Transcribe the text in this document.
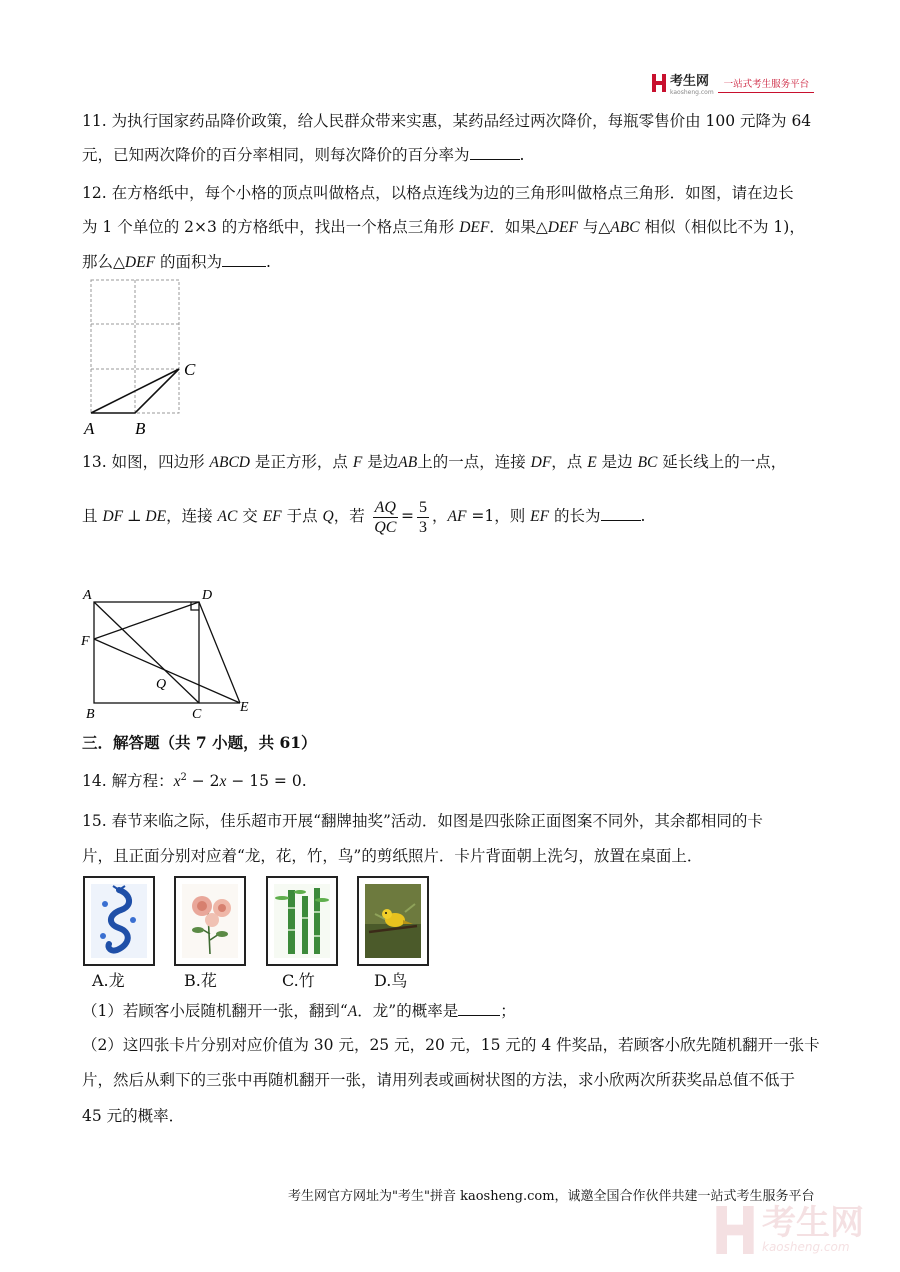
考生网
kaosheng.com
一站式考生服务平台
11. 为执行国家药品降价政策，给人民群众带来实惠，某药品经过两次降价，每瓶零售价由 100 元降为 64
元，已知两次降价的百分率相同，则每次降价的百分率为	.
12. 在方格纸中，每个小格的顶点叫做格点，以格点连线为边的三角形叫做格点三角形．如图，请在边长
为 1 个单位的 2×3 的方格纸中，找出一个格点三角形 DEF．如果△DEF 与△ABC 相似（相似比不为 1)，
那么△DEF 的面积为	.
A B
C
13. 如图，四边形 ABCD 是正方形，点 F 是边AB上的一点，连接 DF，点 E 是边 BC 延长线上的一点，
且 DF ⊥ DE，连接 AC 交 EF 于点 Q，若 $\frac{AQ}{QC} = \frac{5}{3}$ ，AF =1，则 EF 的长为	.
A	D
F
Q
B	C	E
三．解答题（共 7 小题，共 61）
14. 解方程：$x^2 - 2x - 15 = 0$.
15. 春节来临之际，佳乐超市开展“翻牌抽奖”活动．如图是四张除正面图案不同外，其余都相同的卡
片，且正面分别对应着“龙，花，竹，鸟”的剪纸照片．卡片背面朝上洗匀，放置在桌面上．
A.龙	B.花	C.竹	D.鸟
（1）若顾客小辰随机翻开一张，翻到“A．龙”的概率是	；
（2）这四张卡片分别对应价值为 30 元，25 元，20 元，15 元的 4 件奖品，若顾客小欣先随机翻开一张卡
片，然后从剩下的三张中再随机翻开一张，请用列表或画树状图的方法，求小欣两次所获奖品总值不低于
45 元的概率．
考生网官方网址为"考生"拼音 kaosheng.com，诚邀全国合作伙伴共建一站式考生服务平台
考生网
kaosheng.com
